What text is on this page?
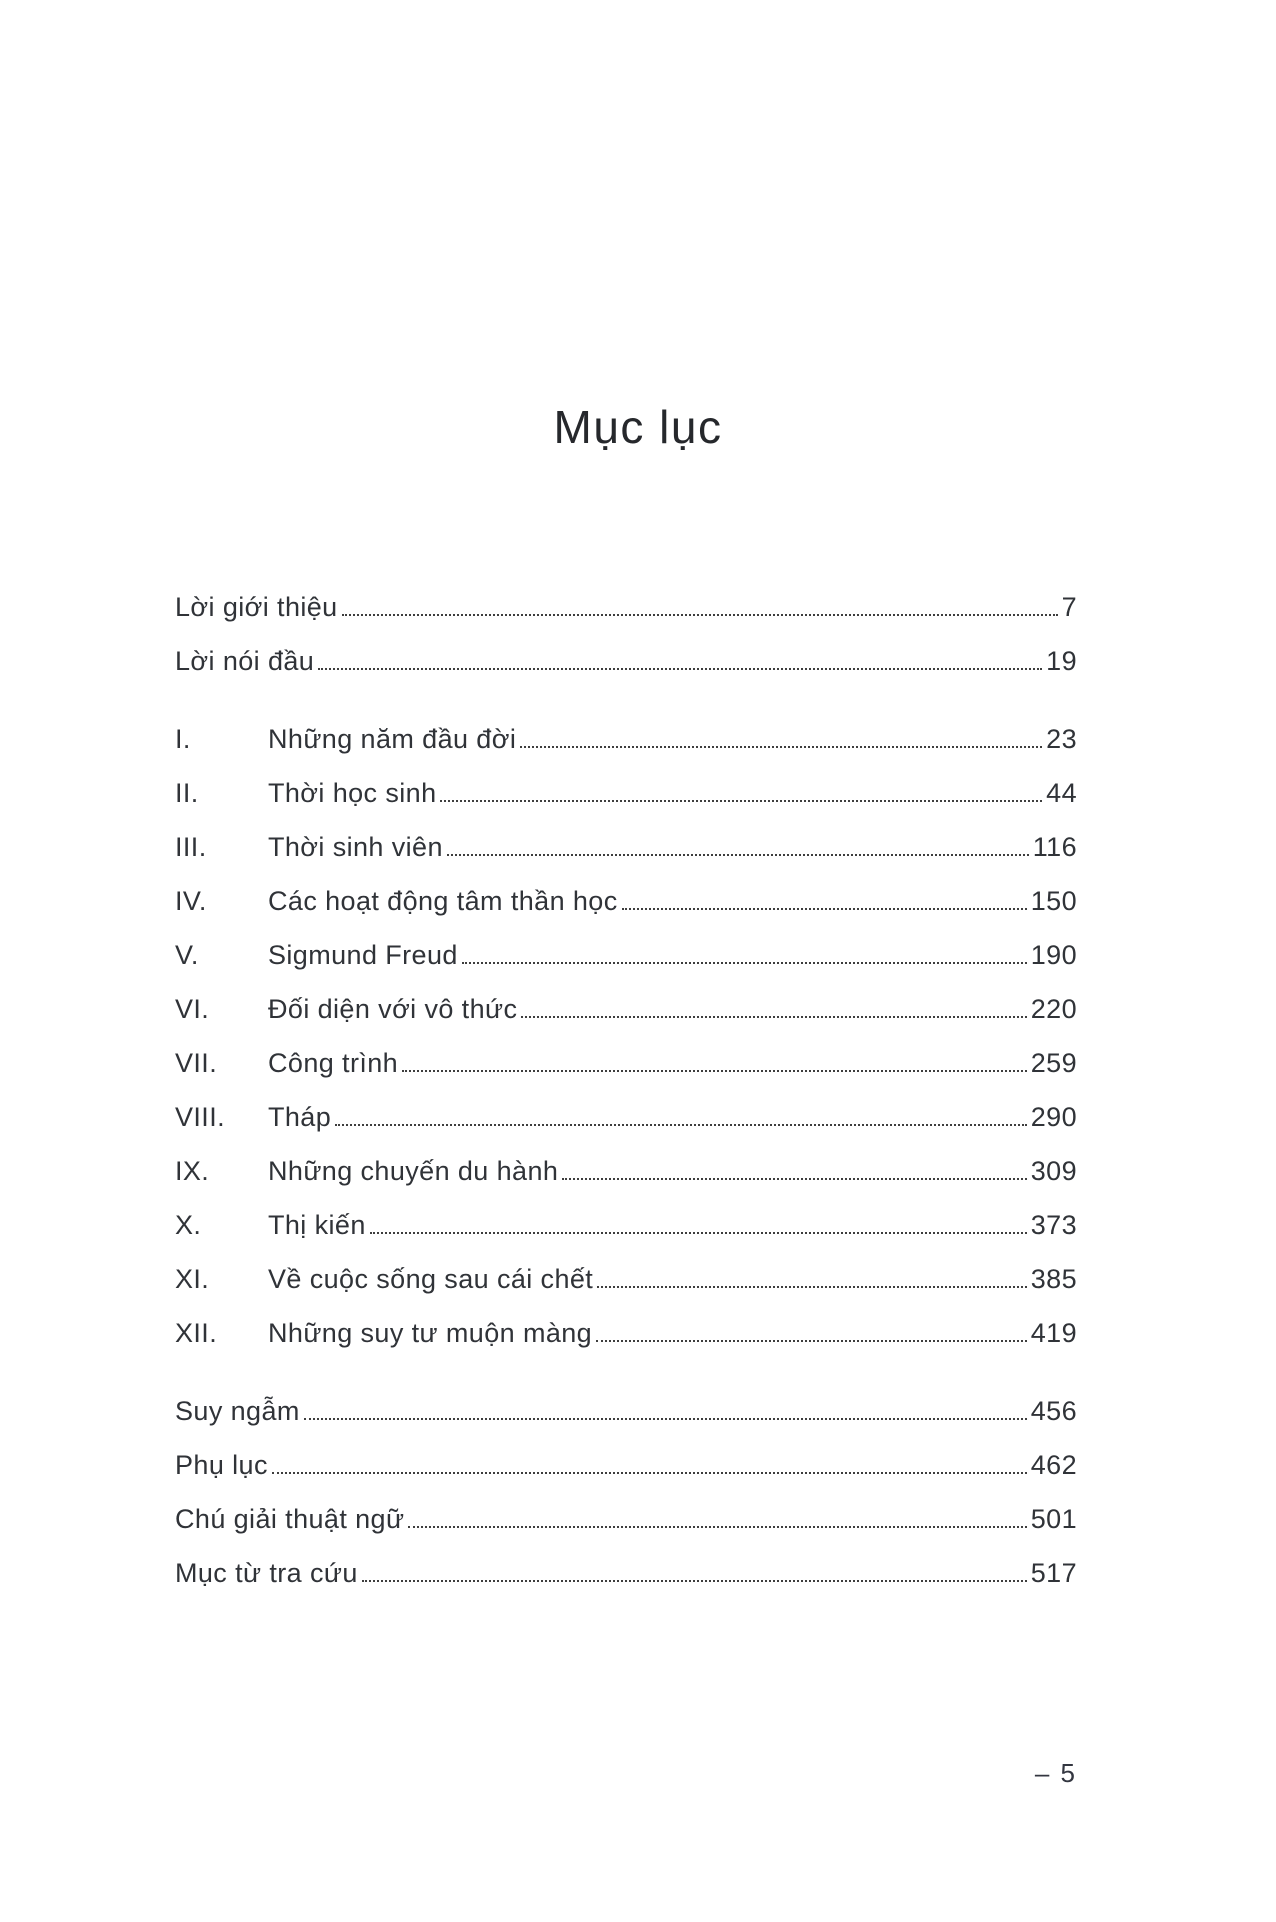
Mục lục
Lời giới thiệu	7
Lời nói đầu	19
I.	Những năm đầu đời	23
II.	Thời học sinh	44
III.	Thời sinh viên	116
IV.	Các hoạt động tâm thần học	150
V.	Sigmund Freud	190
VI.	Đối diện với vô thức	220
VII.	Công trình	259
VIII.	Tháp	290
IX.	Những chuyến du hành	309
X.	Thị kiến	373
XI.	Về cuộc sống sau cái chết	385
XII.	Những suy tư muộn màng	419
Suy ngẫm	456
Phụ lục	462
Chú giải thuật ngữ	501
Mục từ tra cứu	517
– 5
